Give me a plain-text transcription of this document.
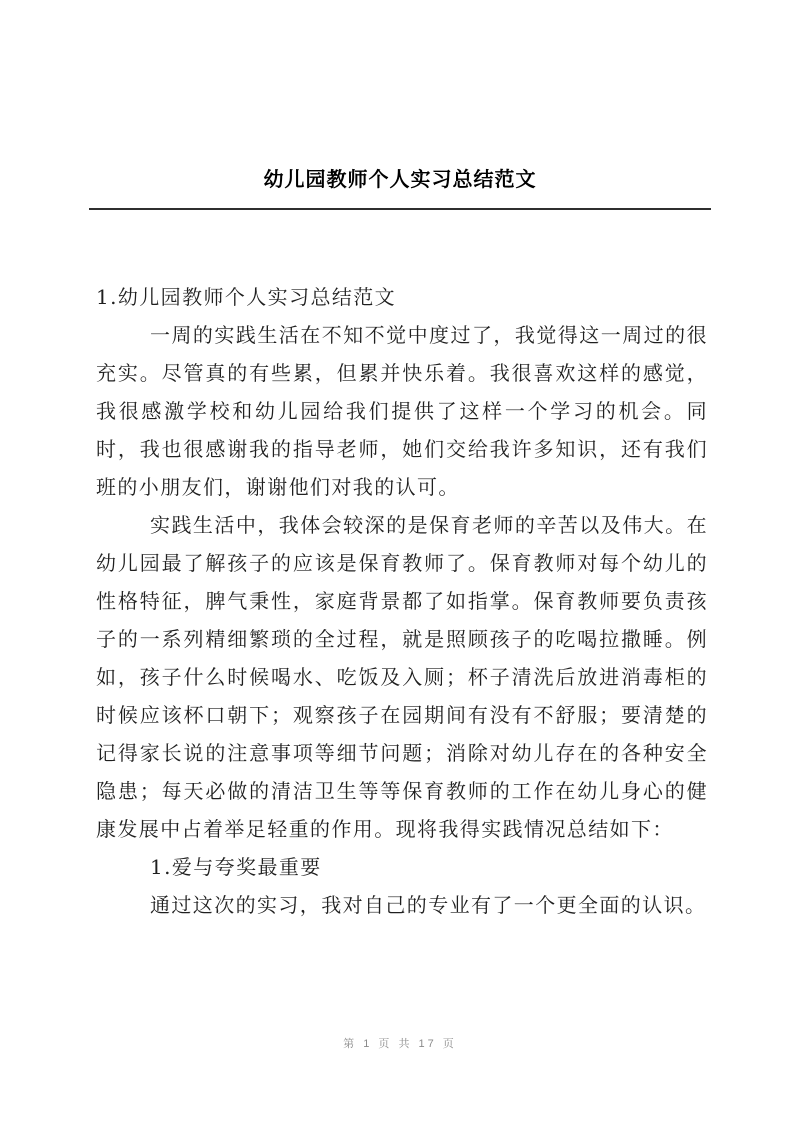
幼儿园教师个人实习总结范文

1.幼儿园教师个人实习总结范文

一周的实践生活在不知不觉中度过了，我觉得这一周过的很充实。尽管真的有些累，但累并快乐着。我很喜欢这样的感觉，我很感激学校和幼儿园给我们提供了这样一个学习的机会。同时，我也很感谢我的指导老师，她们交给我许多知识，还有我们班的小朋友们，谢谢他们对我的认可。

实践生活中，我体会较深的是保育老师的辛苦以及伟大。在幼儿园最了解孩子的应该是保育教师了。保育教师对每个幼儿的性格特征，脾气秉性，家庭背景都了如指掌。保育教师要负责孩子的一系列精细繁琐的全过程，就是照顾孩子的吃喝拉撒睡。例如，孩子什么时候喝水、吃饭及入厕；杯子清洗后放进消毒柜的时候应该杯口朝下；观察孩子在园期间有没有不舒服；要清楚的记得家长说的注意事项等细节问题；消除对幼儿存在的各种安全隐患；每天必做的清洁卫生等等保育教师的工作在幼儿身心的健康发展中占着举足轻重的作用。现将我得实践情况总结如下：

1.爱与夸奖最重要

通过这次的实习，我对自己的专业有了一个更全面的认识。

第 1 页 共 17 页
